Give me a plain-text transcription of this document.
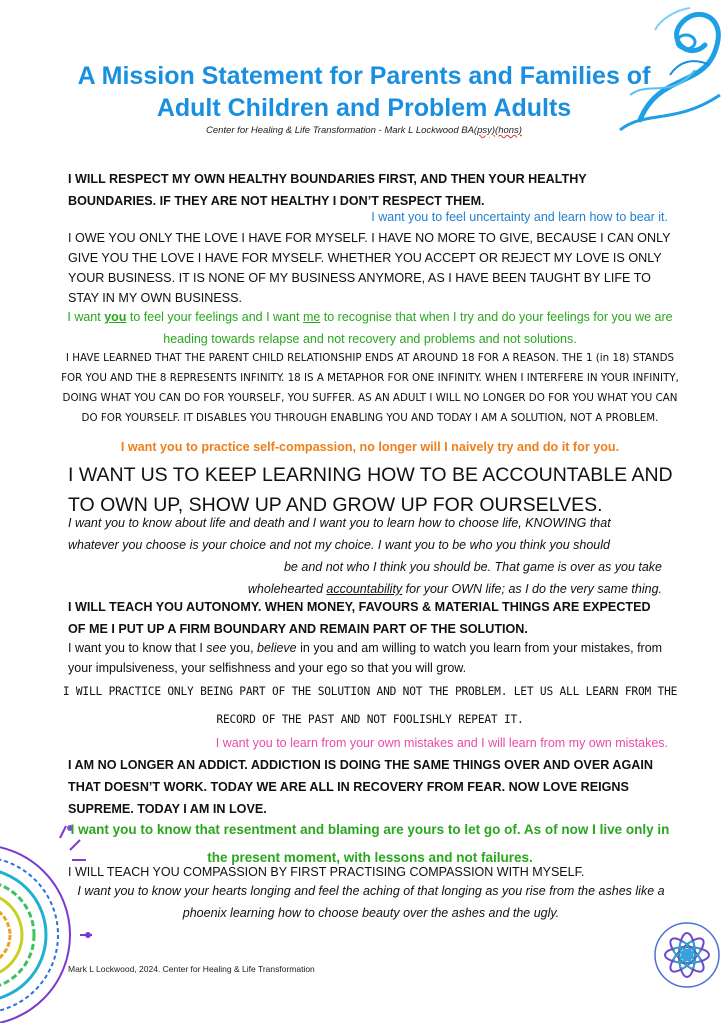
A Mission Statement for Parents and Families of
Adult Children and Problem Adults
Center for Healing & Life Transformation - Mark L Lockwood BA(psy)(hons)
I WILL RESPECT MY OWN HEALTHY BOUNDARIES FIRST, AND THEN YOUR HEALTHY BOUNDARIES. IF THEY ARE NOT HEALTHY I DON’T RESPECT THEM.
I want you to feel uncertainty and learn how to bear it.
I OWE YOU ONLY THE LOVE I HAVE FOR MYSELF. I HAVE NO MORE TO GIVE, BECAUSE I CAN ONLY GIVE YOU THE LOVE I HAVE FOR MYSELF. WHETHER YOU ACCEPT OR REJECT MY LOVE IS ONLY YOUR BUSINESS. IT IS NONE OF MY BUSINESS ANYMORE, AS I HAVE BEEN TAUGHT BY LIFE TO STAY IN MY OWN BUSINESS.
I want you to feel your feelings and I want me to recognise that when I try and do your feelings for you we are heading towards relapse and not recovery and problems and not solutions.
I HAVE LEARNED THAT THE PARENT CHILD RELATIONSHIP ENDS AT AROUND 18 FOR A REASON. THE 1 (in 18) STANDS FOR YOU AND THE 8 REPRESENTS INFINITY. 18 IS A METAPHOR FOR ONE INFINITY. WHEN I INTERFERE IN YOUR INFINITY, DOING WHAT YOU CAN DO FOR YOURSELF, YOU SUFFER. AS AN ADULT I WILL NO LONGER DO FOR YOU WHAT YOU CAN DO FOR YOURSELF. IT DISABLES YOU THROUGH ENABLING YOU AND TODAY I AM A SOLUTION, NOT A PROBLEM.
I want you to practice self-compassion, no longer will I naively try and do it for you.
I WANT US TO KEEP LEARNING HOW TO BE ACCOUNTABLE AND TO OWN UP, SHOW UP AND GROW UP FOR OURSELVES.
I want you to know about life and death and I want you to learn how to choose life, KNOWING that whatever you choose is your choice and not my choice. I want you to be who you think you should
be and not who I think you should be. That game is over as you take
wholehearted accountability for your OWN life; as I do the very same thing.
I WILL TEACH YOU AUTONOMY. WHEN MONEY, FAVOURS & MATERIAL THINGS ARE EXPECTED OF ME I PUT UP A FIRM BOUNDARY AND REMAIN PART OF THE SOLUTION.
I want you to know that I see you, believe in you and am willing to watch you learn from your mistakes, from your impulsiveness, your selfishness and your ego so that you will grow.
I WILL PRACTICE ONLY BEING PART OF THE SOLUTION AND NOT THE PROBLEM. LET US ALL LEARN FROM THE RECORD OF THE PAST AND NOT FOOLISHLY REPEAT IT.
I want you to learn from your own mistakes and I will learn from my own mistakes.
I AM NO LONGER AN ADDICT. ADDICTION IS DOING THE SAME THINGS OVER AND OVER AGAIN THAT DOESN’T WORK. TODAY WE ARE ALL IN RECOVERY FROM FEAR. NOW LOVE REIGNS SUPREME. TODAY I AM IN LOVE.
I want you to know that resentment and blaming are yours to let go of. As of now I live only in the present moment, with lessons and not failures.
I WILL TEACH YOU COMPASSION BY FIRST PRACTISING COMPASSION WITH MYSELF.
I want you to know your hearts longing and feel the aching of that longing as you rise from the ashes like a phoenix learning how to choose beauty over the ashes and the ugly.
Mark L Lockwood, 2024. Center for Healing & Life Transformation
